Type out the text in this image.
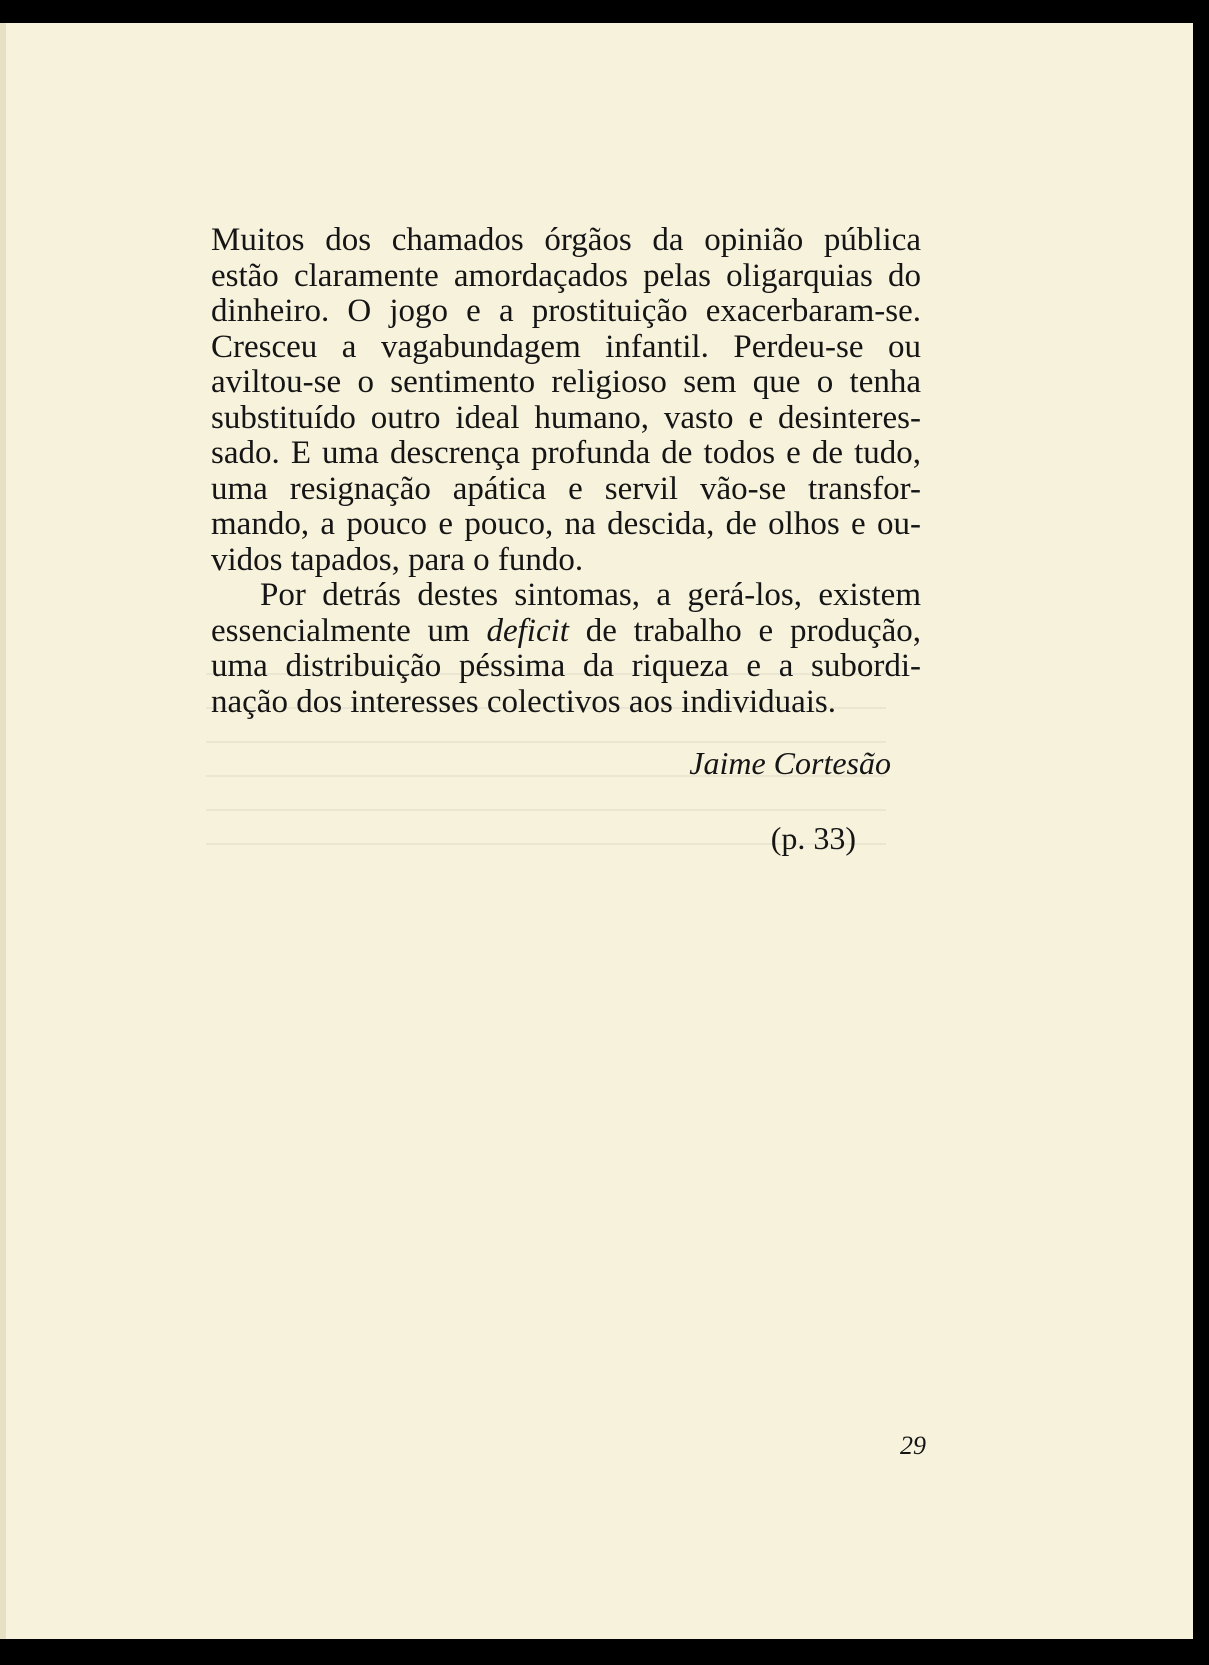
Muitos dos chamados órgãos da opinião pública
estão claramente amordaçados pelas oligarquias do
dinheiro. O jogo e a prostituição exacerbaram-se.
Cresceu a vagabundagem infantil. Perdeu-se ou
aviltou-se o sentimento religioso sem que o tenha
substituído outro ideal humano, vasto e desinteres-
sado. E uma descrença profunda de todos e de tudo,
uma resignação apática e servil vão-se transfor-
mando, a pouco e pouco, na descida, de olhos e ou-
vidos tapados, para o fundo.
Por detrás destes sintomas, a gerá-los, existem
essencialmente um deficit de trabalho e produção,
uma distribuição péssima da riqueza e a subordi-
nação dos interesses colectivos aos individuais.
Jaime Cortesão
(p. 33)
29
